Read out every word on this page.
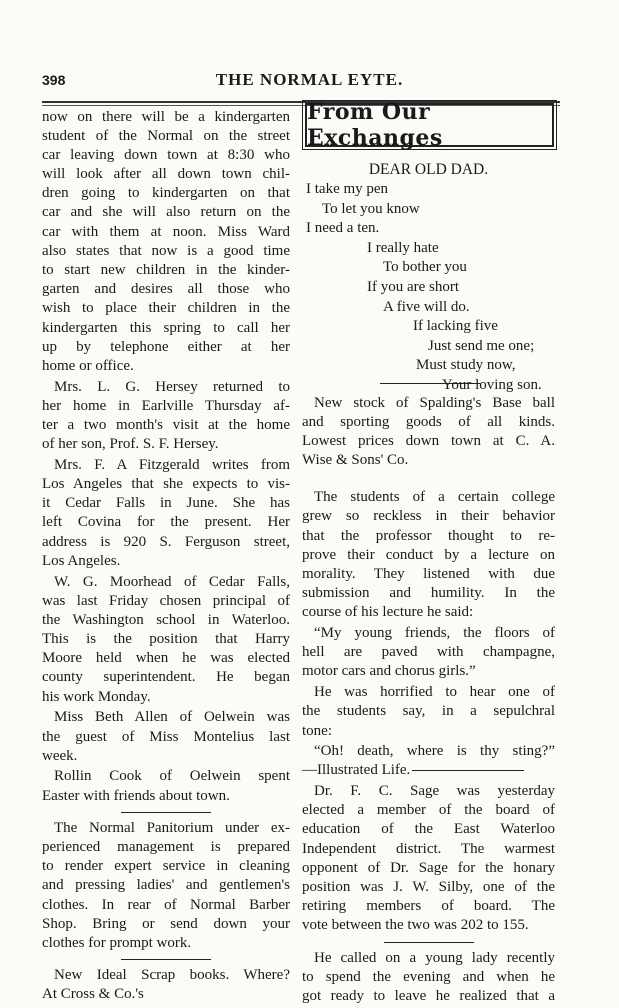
398	THE NORMAL EYTE.
now on there will be a kindergarten
student of the Normal on the street
car leaving down town at 8:30 who
will look after all down town chil-
dren going to kindergarten on that
car and she will also return on the
car with them at noon. Miss Ward
also states that now is a good time
to start new children in the kinder-
garten and desires all those who
wish to place their children in the
kindergarten this spring to call her
up by telephone either at her
home or office.
Mrs. L. G. Hersey returned to
her home in Earlville Thursday af-
ter a two month's visit at the home
of her son, Prof. S. F. Hersey.
Mrs. F. A Fitzgerald writes from
Los Angeles that she expects to vis-
it Cedar Falls in June. She has
left Covina for the present. Her
address is 920 S. Ferguson street,
Los Angeles.
W. G. Moorhead of Cedar Falls,
was last Friday chosen principal of
the Washington school in Waterloo.
This is the position that Harry
Moore held when he was elected
county superintendent. He began
his work Monday.
Miss Beth Allen of Oelwein was
the guest of Miss Montelius last
week.
Rollin Cook of Oelwein spent
Easter with friends about town.
The Normal Panitorium under ex-
perienced management is prepared
to render expert service in cleaning
and pressing ladies' and gentlemen's
clothes. In rear of Normal Barber
Shop. Bring or send down your
clothes for prompt work.
New Ideal Scrap books. Where?
At Cross & Co.'s
From Our Exchanges
DEAR OLD DAD.
I take my pen
To let you know
I need a ten.
I really hate
To bother you
If you are short
A five will do.
If lacking five
Just send me one;
Must study now,
Your loving son.
New stock of Spalding's Base ball
and sporting goods of all kinds.
Lowest prices down town at C. A.
Wise & Sons' Co.
The students of a certain college
grew so reckless in their behavior
that the professor thought to re-
prove their conduct by a lecture on
morality. They listened with due
submission and humility. In the
course of his lecture he said:
“My young friends, the floors of
hell are paved with champagne,
motor cars and chorus girls.”
He was horrified to hear one of
the students say, in a sepulchral
tone:
“Oh! death, where is thy sting?”
—Illustrated Life.
Dr. F. C. Sage was yesterday
elected a member of the board of
education of the East Waterloo
Independent district. The warmest
opponent of Dr. Sage for the honary
position was J. W. Silby, one of the
retiring members of board. The
vote between the two was 202 to 155.
He called on a young lady recently
to spend the evening and when he
got ready to leave he realized that a
